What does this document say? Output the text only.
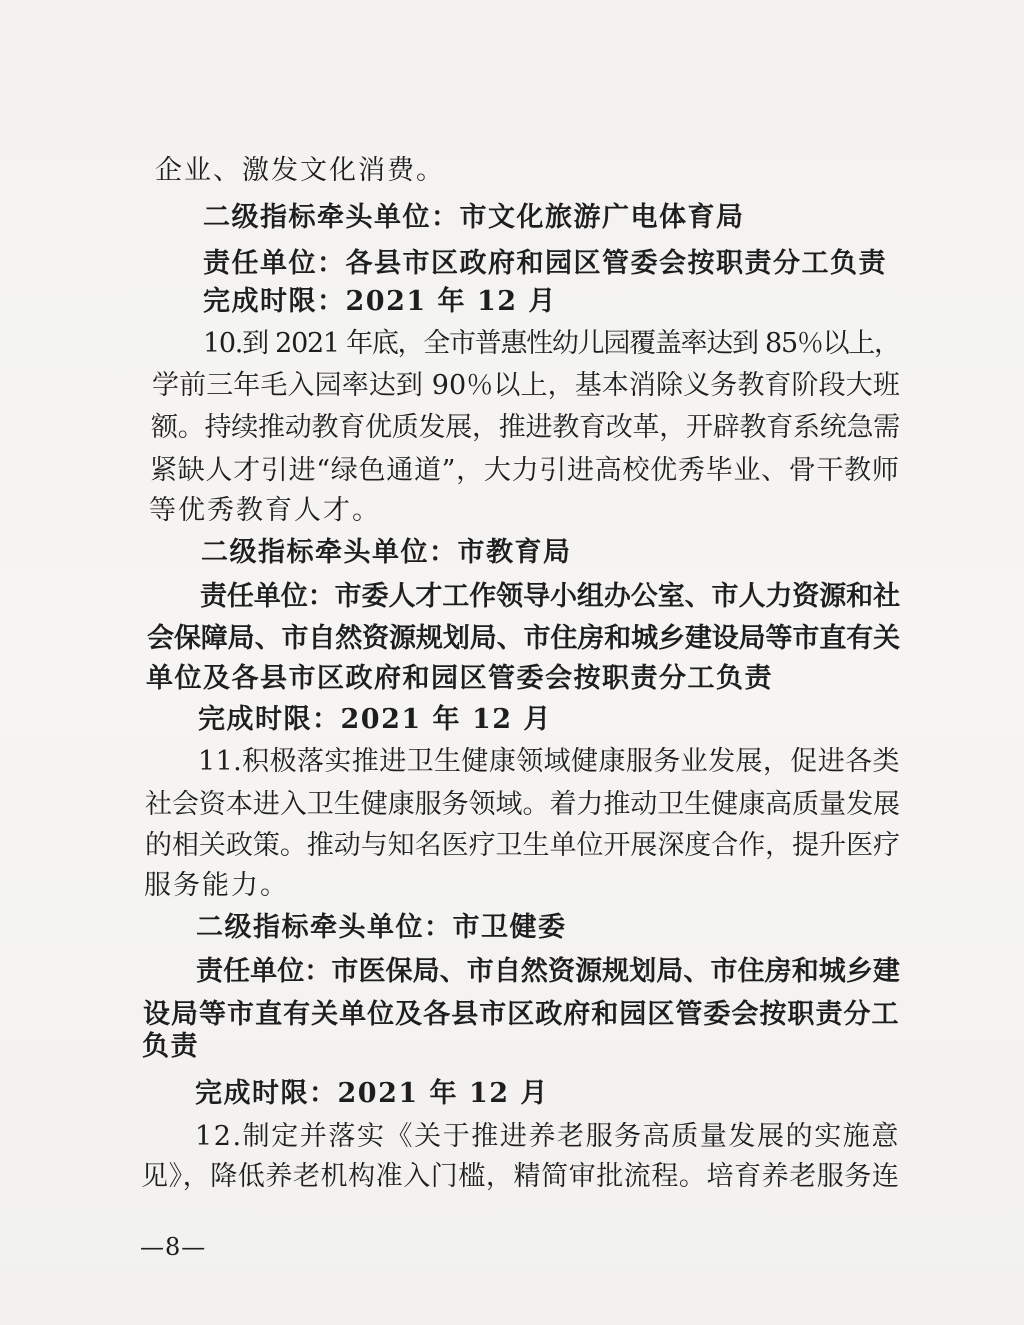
企业、激发文化消费。
二级指标牵头单位：市文化旅游广电体育局
责任单位：各县市区政府和园区管委会按职责分工负责
完成时限：2021 年 12 月
10.到 2021 年底，全市普惠性幼儿园覆盖率达到 85％以上，
学前三年毛入园率达到 90％以上，基本消除义务教育阶段大班
额。持续推动教育优质发展，推进教育改革，开辟教育系统急需
紧缺人才引进“绿色通道”，大力引进高校优秀毕业、骨干教师
等优秀教育人才。
二级指标牵头单位：市教育局
责任单位：市委人才工作领导小组办公室、市人力资源和社
会保障局、市自然资源规划局、市住房和城乡建设局等市直有关
单位及各县市区政府和园区管委会按职责分工负责
完成时限：2021 年 12 月
11.积极落实推进卫生健康领域健康服务业发展，促进各类
社会资本进入卫生健康服务领域。着力推动卫生健康高质量发展
的相关政策。推动与知名医疗卫生单位开展深度合作，提升医疗
服务能力。
二级指标牵头单位：市卫健委
责任单位：市医保局、市自然资源规划局、市住房和城乡建
设局等市直有关单位及各县市区政府和园区管委会按职责分工
负责
完成时限：2021 年 12 月
12.制定并落实《关于推进养老服务高质量发展的实施意
见》，降低养老机构准入门槛，精简审批流程。培育养老服务连
—8—
